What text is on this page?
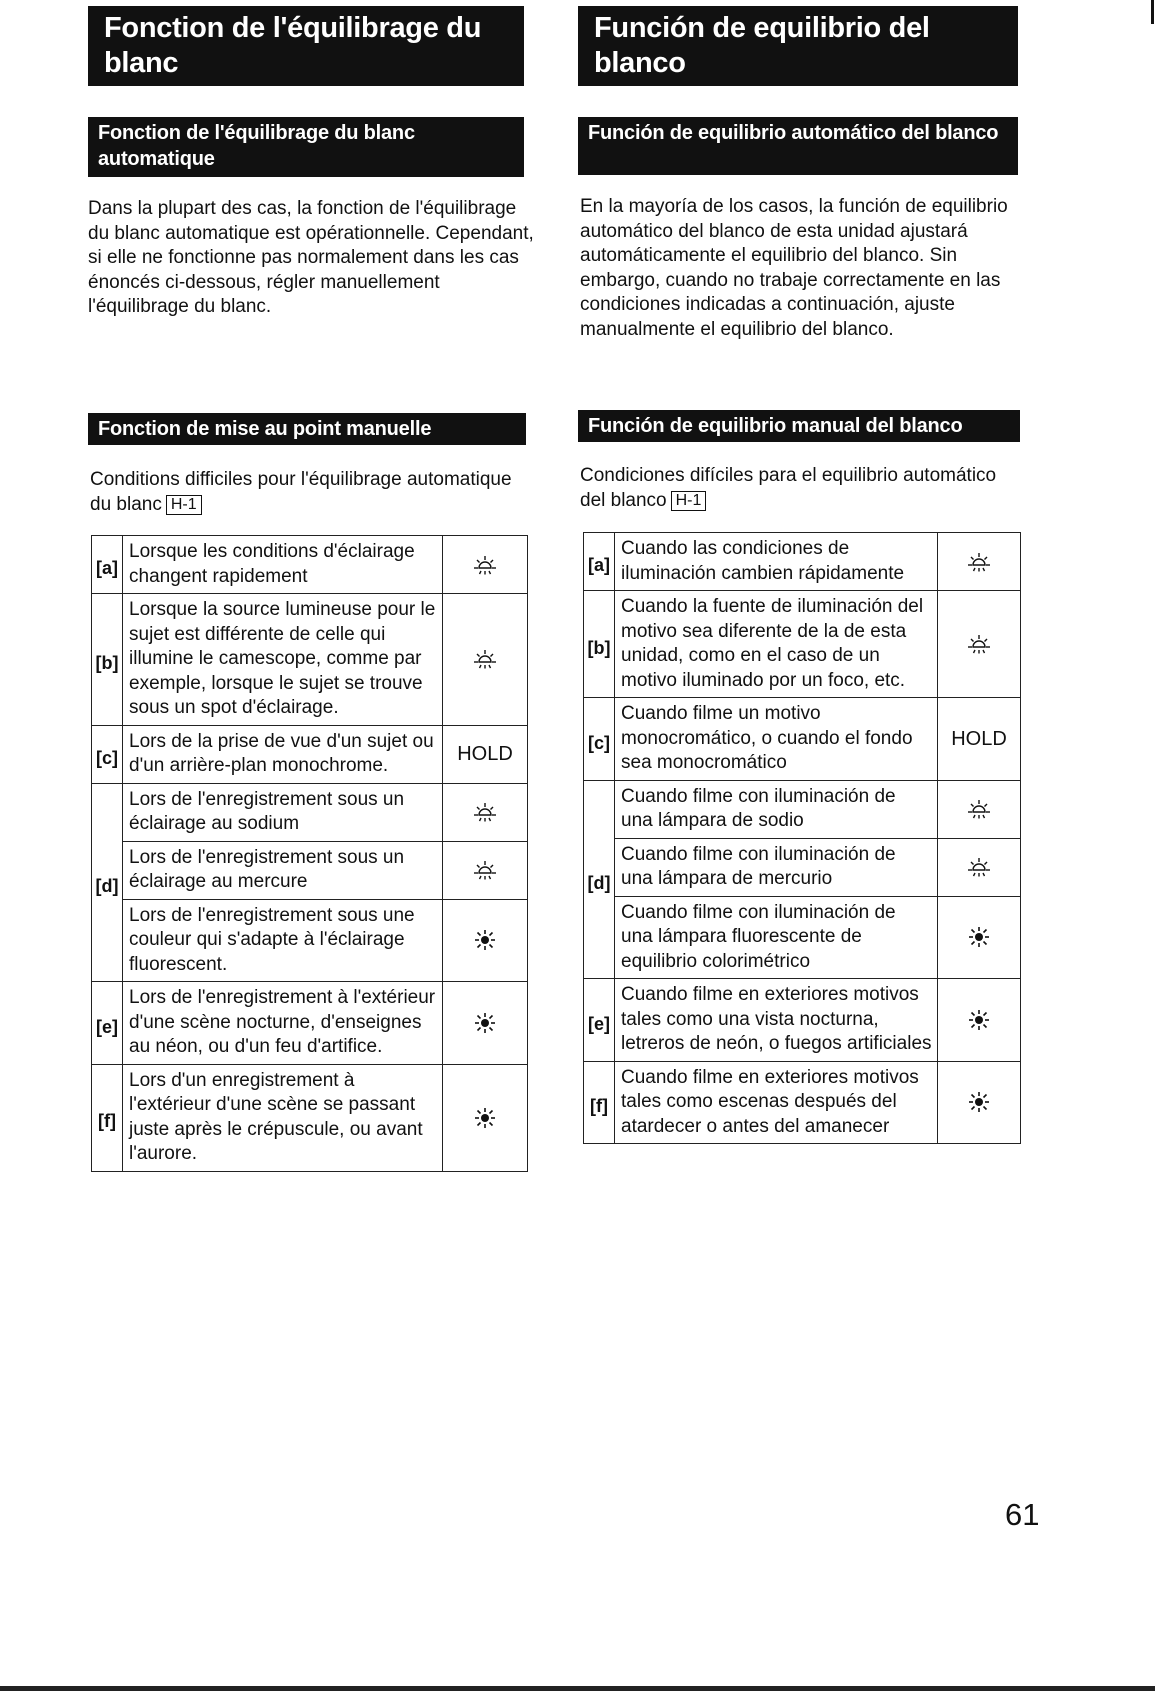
Fonction de l'équilibrage du blanc
Fonction de l'équilibrage du blanc automatique

Dans la plupart des cas, la fonction de l'équilibrage du blanc automatique est opérationnelle. Cependant, si elle ne fonctionne pas normalement dans les cas énoncés ci-dessous, régler manuellement l'équilibrage du blanc.

Fonction de mise au point manuelle

Conditions difficiles pour l'équilibrage automatique du blanc H-1

[a]	Lorsque les conditions d'éclairage changent rapidement	

[b]	Lorsque la source lumineuse pour le sujet est différente de celle qui illumine le camescope, comme par exemple, lorsque le sujet se trouve sous un spot d'éclairage.	

[c]	Lors de la prise de vue d'un sujet ou d'un arrière-plan monochrome.	HOLD
[d]	Lors de l'enregistrement sous un éclairage au sodium	

	Lors de l'enregistrement sous un éclairage au mercure	

	Lors de l'enregistrement sous une couleur qui s'adapte à l'éclairage fluorescent.	

[e]	Lors de l'enregistrement à l'extérieur d'une scène nocturne, d'enseignes au néon, ou d'un feu d'artifice.	

[f]	Lors d'un enregistrement à l'extérieur d'une scène se passant juste après le crépuscule, ou avant l'aurore.	
Función de equilibrio del blanco
Función de equilibrio automático del blanco

En la mayoría de los casos, la función de equilibrio automático del blanco de esta unidad ajustará automáticamente el equilibrio del blanco. Sin embargo, cuando no trabaje correctamente en las condiciones indicadas a continuación, ajuste manualmente el equilibrio del blanco.

Función de equilibrio manual del blanco

Condiciones difíciles para el equilibrio automático del blanco H-1

[a]	Cuando las condiciones de iluminación cambien rápidamente	

[b]	Cuando la fuente de iluminación del motivo sea diferente de la de esta unidad, como en el caso de un motivo iluminado por un foco, etc.	

[c]	Cuando filme un motivo monocromático, o cuando el fondo sea monocromático	HOLD
[d]	Cuando filme con iluminación de una lámpara de sodio	

	Cuando filme con iluminación de una lámpara de mercurio	

	Cuando filme con iluminación de una lámpara fluorescente de equilibrio colorimétrico	

[e]	Cuando filme en exteriores motivos tales como una vista nocturna, letreros de neón, o fuegos artificiales	

[f]	Cuando filme en exteriores motivos tales como escenas después del atardecer o antes del amanecer	
61
